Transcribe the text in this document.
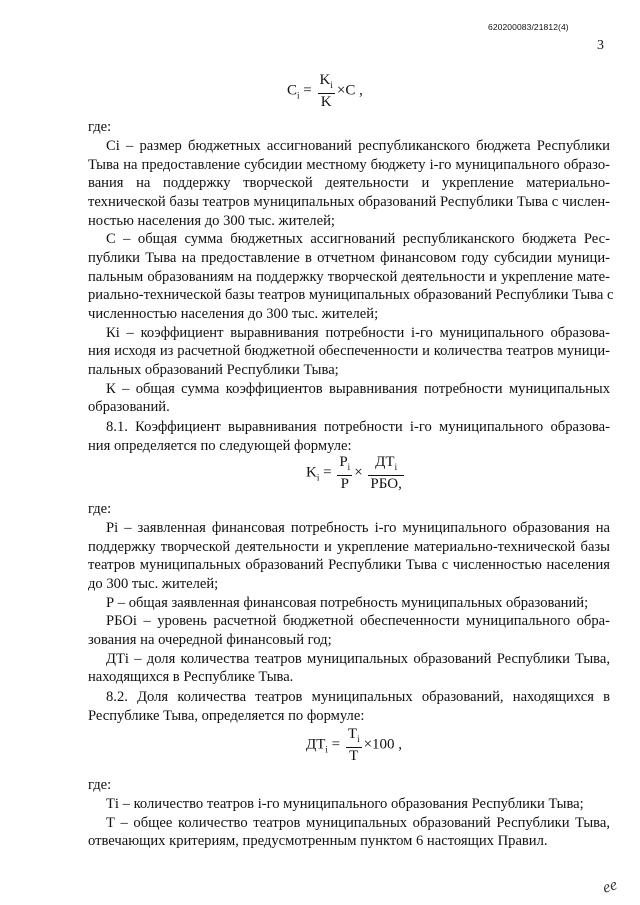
620200083/21812(4)
3
$C_i = \frac{K_i}{K} \times C$ ,
$K_i = \frac{P_i}{P} \times \frac{ДТ_i}{\text{РБО,}}$
$ДТ_i = \frac{Т_i}{Т} \times 100$ ,
где:
Сi – размер бюджетных ассигнований республиканского бюджета Республики
Тыва на предоставление субсидии местному бюджету i-го муниципального образо-
вания на поддержку творческой деятельности и укрепление материально-
технической базы театров муниципальных образований Республики Тыва с числен-
ностью населения до 300 тыс. жителей;
С – общая сумма бюджетных ассигнований республиканского бюджета Рес-
публики Тыва на предоставление в отчетном финансовом году субсидии муници-
пальным образованиям на поддержку творческой деятельности и укрепление мате-
риально-технической базы театров муниципальных образований Республики Тыва с
численностью населения до 300 тыс. жителей;
Кi – коэффициент выравнивания потребности i-го муниципального образова-
ния исходя из расчетной бюджетной обеспеченности и количества театров муници-
пальных образований Республики Тыва;
К – общая сумма коэффициентов выравнивания потребности муниципальных
образований.
8.1. Коэффициент выравнивания потребности i-го муниципального образова-
ния определяется по следующей формуле:
где:
Рi – заявленная финансовая потребность i-го муниципального образования на
поддержку творческой деятельности и укрепление материально-технической базы
театров муниципальных образований Республики Тыва с численностью населения
до 300 тыс. жителей;
Р – общая заявленная финансовая потребность муниципальных образований;
РБОi – уровень расчетной бюджетной обеспеченности муниципального обра-
зования на очередной финансовый год;
ДТi – доля количества театров муниципальных образований Республики Тыва,
находящихся в Республике Тыва.
8.2. Доля количества театров муниципальных образований, находящихся в
Республике Тыва, определяется по формуле:
где:
Тi – количество театров i-го муниципального образования Республики Тыва;
Т – общее количество театров муниципальных образований Республики Тыва,
отвечающих критериям, предусмотренным пунктом 6 настоящих Правил.
ее
